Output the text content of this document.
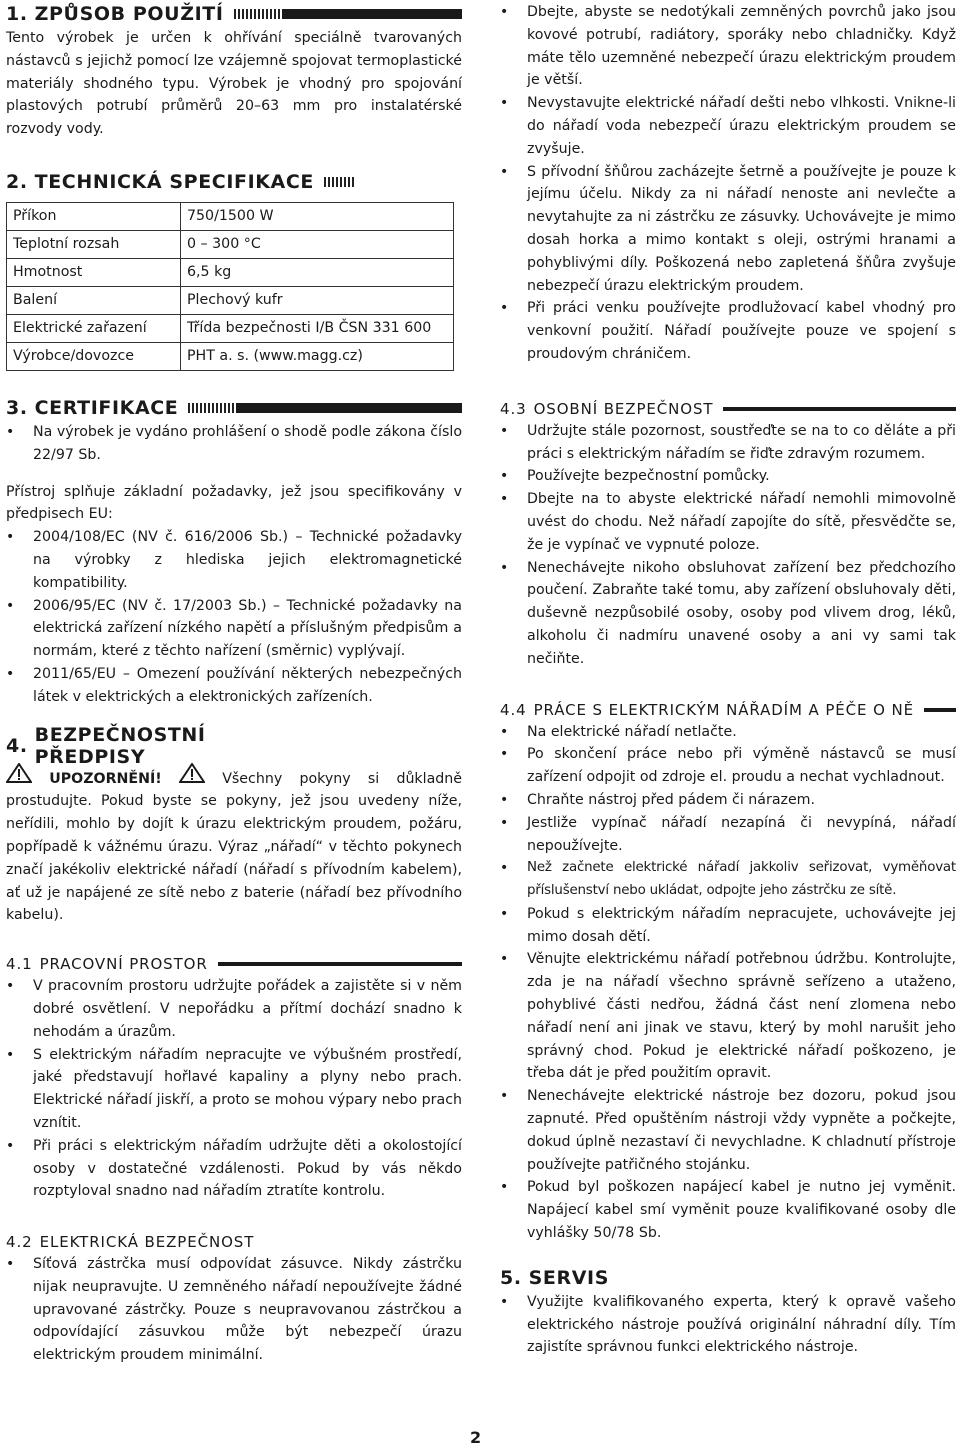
1. ZPŮSOB POUŽITÍ

Tento výrobek je určen k ohřívání speciálně tvarovaných nástavců s jejichž pomocí lze vzájemně spojovat termoplastické materiály shodného typu. Výrobek je vhodný pro spojování plastových potrubí průměrů 20–63 mm pro instalatérské rozvody vody.

2. TECHNICKÁ SPECIFIKACE
Příkon	750/1500 W
Teplotní rozsah	0 – 300 °C
Hmotnost	6,5 kg
Balení	Plechový kufr
Elektrické zařazení	Třída bezpečnosti I/B ČSN 331 600
Výrobce/dovozce	PHT a. s. (www.magg.cz)
3. CERTIFIKACE
• Na výrobek je vydáno prohlášení o shodě podle zákona číslo 22/97 Sb.

Přístroj splňuje základní požadavky, jež jsou specifikovány v předpisech EU:

• 2004/108/EC (NV č. 616/2006 Sb.) – Technické požadavky na výrobky z hlediska jejich elektromagnetické kompatibility.
• 2006/95/EC (NV č. 17/2003 Sb.) – Technické požadavky na elektrická zařízení nízkého napětí a příslušným předpisům a normám, které z těchto nařízení (směrnic) vyplývají.
• 2011/65/EU – Omezení používání některých nebezpečných látek v elektrických a elektronických zařízeních.
4. BEZPEČNOSTNÍ PŘEDPISY

UPOZORNĚNÍ!	Všechny pokyny si důkladně prostudujte. Pokud byste se pokyny, jež jsou uvedeny níže, neřídili, mohlo by dojít k úrazu elektrickým proudem, požáru, popřípadě k vážnému úrazu. Výraz „nářadí“ v těchto pokynech značí jakékoliv elektrické nářadí (nářadí s přívodním kabelem), ať už je napájené ze sítě nebo z baterie (nářadí bez přívodního kabelu).

4.1 PRACOVNÍ PROSTOR
• V pracovním prostoru udržujte pořádek a zajistěte si v něm dobré osvětlení. V nepořádku a přítmí dochází snadno k nehodám a úrazům.
• S elektrickým nářadím nepracujte ve výbušném prostředí, jaké představují hořlavé kapaliny a plyny nebo prach. Elektrické nářadí jiskří, a proto se mohou výpary nebo prach vznítit.
• Při práci s elektrickým nářadím udržujte děti a okolostojící osoby v dostatečné vzdálenosti. Pokud by vás někdo rozptyloval snadno nad nářadím ztratíte kontrolu.
4.2 ELEKTRICKÁ BEZPEČNOST
• Síťová zástrčka musí odpovídat zásuvce. Nikdy zástrčku nijak neupravujte. U zemněného nářadí nepoužívejte žádné upravované zástrčky. Pouze s neupravovanou zástrčkou a odpovídající zásuvkou může být nebezpečí úrazu elektrickým proudem minimální.
• Dbejte, abyste se nedotýkali zemněných povrchů jako jsou kovové potrubí, radiátory, sporáky nebo chladničky. Když máte tělo uzemněné nebezpečí úrazu elektrickým proudem je větší.
• Nevystavujte elektrické nářadí dešti nebo vlhkosti. Vnikne-li do nářadí voda nebezpečí úrazu elektrickým proudem se zvyšuje.
• S přívodní šňůrou zacházejte šetrně a používejte je pouze k jejímu účelu. Nikdy za ni nářadí nenoste ani nevlečte a nevytahujte za ni zástrčku ze zásuvky. Uchovávejte je mimo dosah horka a mimo kontakt s oleji, ostrými hranami a pohyblivými díly. Poškozená nebo zapletená šňůra zvyšuje nebezpečí úrazu elektrickým proudem.
• Při práci venku používejte prodlužovací kabel vhodný pro venkovní použití. Nářadí používejte pouze ve spojení s proudovým chráničem.
4.3 OSOBNÍ BEZPEČNOST
• Udržujte stále pozornost, soustřeďte se na to co děláte a při práci s elektrickým nářadím se řiďte zdravým rozumem.
• Používejte bezpečnostní pomůcky.
• Dbejte na to abyste elektrické nářadí nemohli mimovolně uvést do chodu. Než nářadí zapojíte do sítě, přesvědčte se, že je vypínač ve vypnuté poloze.
• Nenechávejte nikoho obsluhovat zařízení bez předchozího poučení. Zabraňte také tomu, aby zařízení obsluhovaly děti, duševně nezpůsobilé osoby, osoby pod vlivem drog, léků, alkoholu či nadmíru unavené osoby a ani vy sami tak nečiňte.
4.4 PRÁCE S ELEKTRICKÝM NÁŘADÍM A PÉČE O NĚ
• Na elektrické nářadí netlačte.
• Po skončení práce nebo při výměně nástavců se musí zařízení odpojit od zdroje el. proudu a nechat vychladnout.
• Chraňte nástroj před pádem či nárazem.
• Jestliže vypínač nářadí nezapíná či nevypíná, nářadí nepoužívejte.
• Než začnete elektrické nářadí jakkoliv seřizovat, vyměňovat příslušenství nebo ukládat, odpojte jeho zástrčku ze sítě.
• Pokud s elektrickým nářadím nepracujete, uchovávejte jej mimo dosah dětí.
• Věnujte elektrickému nářadí potřebnou údržbu. Kontrolujte, zda je na nářadí všechno správně seřízeno a utaženo, pohyblivé části nedřou, žádná část není zlomena nebo nářadí není ani jinak ve stavu, který by mohl narušit jeho správný chod. Pokud je elektrické nářadí poškozeno, je třeba dát je před použitím opravit.
• Nenechávejte elektrické nástroje bez dozoru, pokud jsou zapnuté. Před opuštěním nástroji vždy vypněte a počkejte, dokud úplně nezastaví či nevychladne. K chladnutí přístroje používejte patřičného stojánku.
• Pokud byl poškozen napájecí kabel je nutno jej vyměnit. Napájecí kabel smí vyměnit pouze kvalifikované osoby dle vyhlášky 50/78 Sb.
5. SERVIS
• Využijte kvalifikovaného experta, který k opravě vašeho elektrického nástroje používá originální náhradní díly. Tím zajistíte správnou funkci elektrického nástroje.
2
